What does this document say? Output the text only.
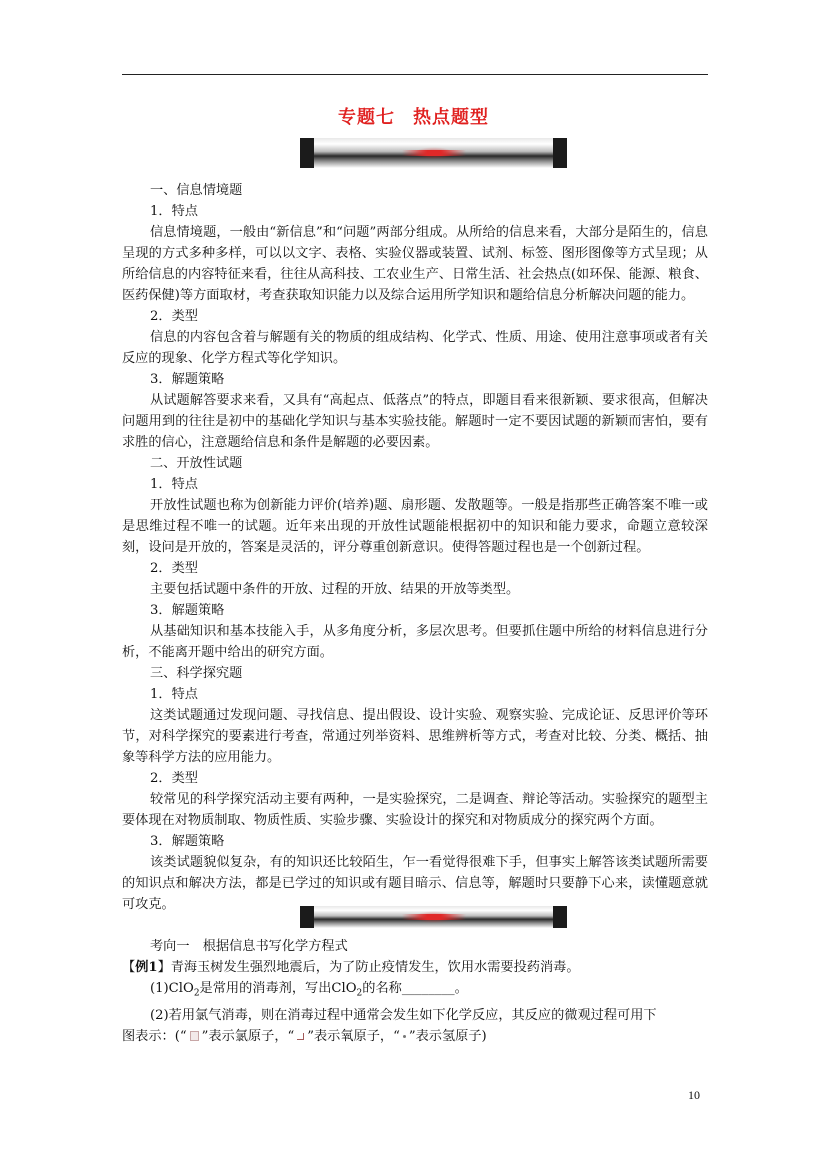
专题七 热点题型

一、信息情境题

1．特点

信息情境题，一般由“新信息”和“问题”两部分组成。从所给的信息来看，大部分是陌生的，信息呈现的方式多种多样，可以以文字、表格、实验仪器或装置、试剂、标签、图形图像等方式呈现；从所给信息的内容特征来看，往往从高科技、工农业生产、日常生活、社会热点(如环保、能源、粮食、医药保健)等方面取材，考查获取知识能力以及综合运用所学知识和题给信息分析解决问题的能力。

2．类型

信息的内容包含着与解题有关的物质的组成结构、化学式、性质、用途、使用注意事项或者有关反应的现象、化学方程式等化学知识。

3．解题策略

从试题解答要求来看，又具有“高起点、低落点”的特点，即题目看来很新颖、要求很高，但解决问题用到的往往是初中的基础化学知识与基本实验技能。解题时一定不要因试题的新颖而害怕，要有求胜的信心，注意题给信息和条件是解题的必要因素。

二、开放性试题

1．特点

开放性试题也称为创新能力评价(培养)题、扇形题、发散题等。一般是指那些正确答案不唯一或是思维过程不唯一的试题。近年来出现的开放性试题能根据初中的知识和能力要求，命题立意较深刻，设问是开放的，答案是灵活的，评分尊重创新意识。使得答题过程也是一个创新过程。

2．类型

主要包括试题中条件的开放、过程的开放、结果的开放等类型。

3．解题策略

从基础知识和基本技能入手，从多角度分析，多层次思考。但要抓住题中所给的材料信息进行分析，不能离开题中给出的研究方面。

三、科学探究题

1．特点

这类试题通过发现问题、寻找信息、提出假设、设计实验、观察实验、完成论证、反思评价等环节，对科学探究的要素进行考查，常通过列举资料、思维辨析等方式，考查对比较、分类、概括、抽象等科学方法的应用能力。

2．类型

较常见的科学探究活动主要有两种，一是实验探究，二是调查、辩论等活动。实验探究的题型主要体现在对物质制取、物质性质、实验步骤、实验设计的探究和对物质成分的探究两个方面。

3．解题策略

该类试题貌似复杂，有的知识还比较陌生，乍一看觉得很难下手，但事实上解答该类试题所需要的知识点和解决方法，都是已学过的知识或有题目暗示、信息等，解题时只要静下心来，读懂题意就可攻克。

考向一　根据信息书写化学方程式

【例1】青海玉树发生强烈地震后，为了防止疫情发生，饮用水需要投药消毒。

(1)ClO$_2$是常用的消毒剂，写出ClO$_2$的名称________。

(2)若用氯气消毒，则在消毒过程中通常会发生如下化学反应，其反应的微观过程可用下

图表示：(“ ”表示氯原子，“ ”表示氧原子，“ ”表示氢原子)

10
